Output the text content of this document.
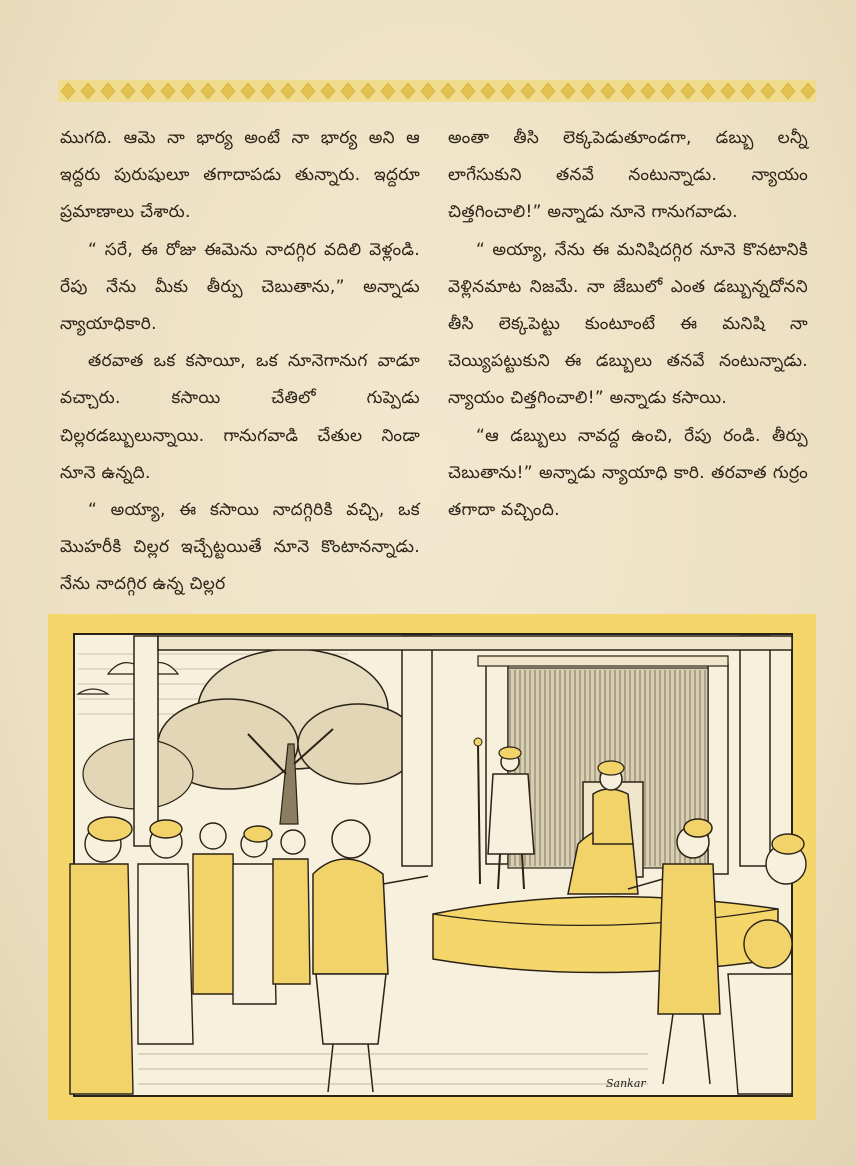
ముగది. ఆమె నా భార్య అంటే నా భార్య అని ఆ ఇద్దరు పురుషులూ తగాదాపడు తున్నారు. ఇద్దరూ ప్రమాణాలు చేశారు.

“ సరే, ఈ రోజు ఈమెను నాదగ్గిర వదిలి వెళ్లండి. రేపు నేను మీకు తీర్పు చెబుతాను,” అన్నాడు న్యాయాధికారి.

తరవాత ఒక కసాయీ, ఒక నూనెగానుగ వాడూ వచ్చారు. కసాయి చేతిలో గుప్పెడు చిల్లరడబ్బులున్నాయి. గానుగవాడి చేతుల నిండా నూనె ఉన్నది.

“ అయ్యా, ఈ కసాయి నాదగ్గిరికి వచ్చి, ఒక మొహరీకి చిల్లర ఇచ్చేట్టయితే నూనె కొంటానన్నాడు. నేను నాదగ్గిర ఉన్న చిల్లర

అంతా తీసి లెక్కపెడుతూండగా, డబ్బు లన్నీ లాగేసుకుని తనవే నంటున్నాడు. న్యాయం చిత్తగించాలి!” అన్నాడు నూనె గానుగవాడు.

“ అయ్యా, నేను ఈ మనిషిదగ్గిర నూనె కొనటానికి వెళ్లినమాట నిజమే. నా జేబులో ఎంత డబ్బున్నదోనని తీసి లెక్కపెట్టు కుంటూంటే ఈ మనిషి నా చెయ్యిపట్టుకుని ఈ డబ్బులు తనవే నంటున్నాడు. న్యాయం చిత్తగించాలి!” అన్నాడు కసాయి.

“ఆ డబ్బులు నావద్ద ఉంచి, రేపు రండి. తీర్పు చెబుతాను!” అన్నాడు న్యాయాధి కారి. తరవాత గుర్రం తగాదా వచ్చింది.

Sankar
